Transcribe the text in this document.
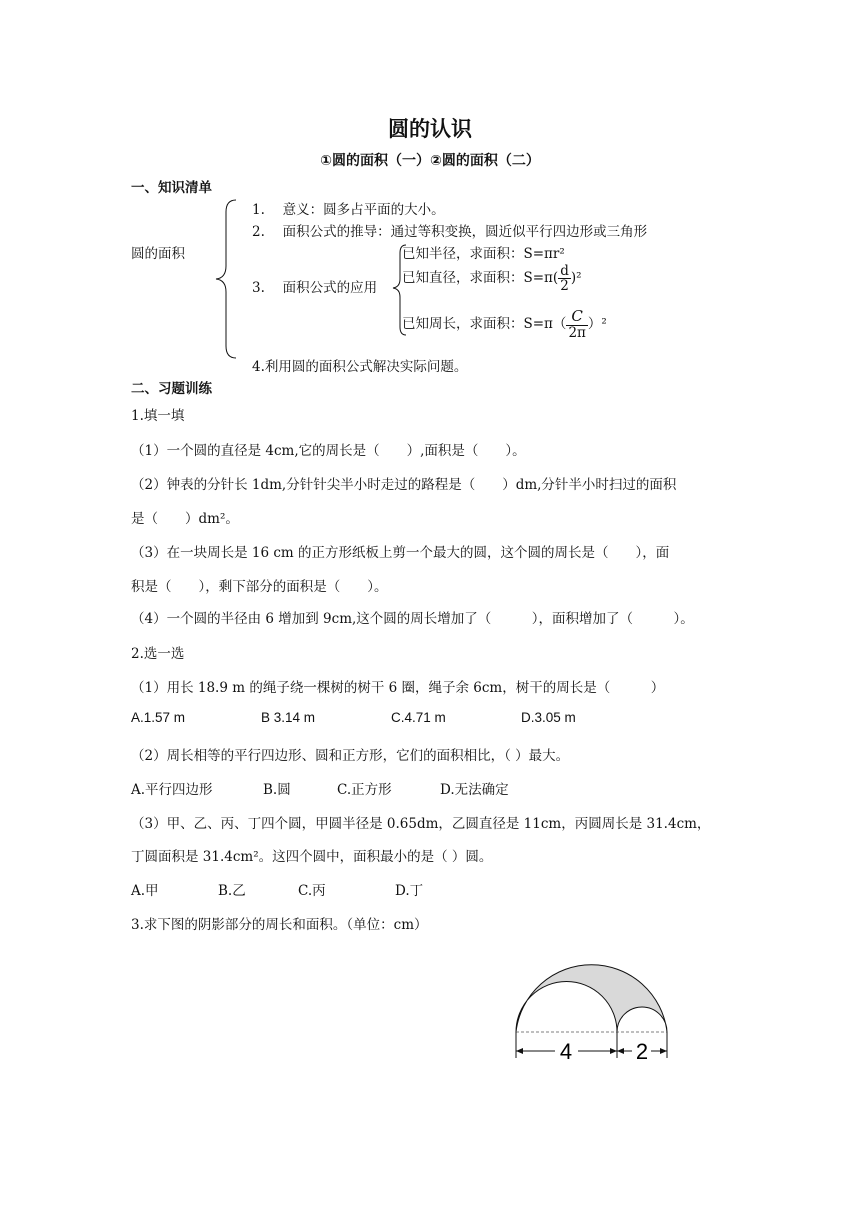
圆的认识
①圆的面积（一）②圆的面积（二）
一、知识清单
圆的面积
1.　 意义：圆多占平面的大小。
2.　 面积公式的推导：通过等积变换，圆近似平行四边形或三角形
3.　 面积公式的应用
已知半径，求面积：S=πr²
已知直径，求面积：$S=\pi( \frac{d}{2} )^2$
已知周长，求面积：$S=\pi( \frac{C}{2\pi} )^2$
4.利用圆的面积公式解决实际问题。
二、习题训练
1.填一填
（1）一个圆的直径是 4cm,它的周长是（　　）,面积是（　　）。
（2）钟表的分针长 1dm,分针针尖半小时走过的路程是（　　）dm,分针半小时扫过的面积
是（　　）dm²。
（3）在一块周长是 16 cm 的正方形纸板上剪一个最大的圆，这个圆的周长是（　　），面
积是（　　），剩下部分的面积是（　　）。
（4）一个圆的半径由 6 增加到 9cm,这个圆的周长增加了（　　　），面积增加了（　　　）。
2.选一选
（1）用长 18.9 m 的绳子绕一棵树的树干 6 圈，绳子余 6cm，树干的周长是（　　　）
A.1.57 m	B 3.14 m	C.4.71 m	D.3.05 m
（2）周长相等的平行四边形、圆和正方形，它们的面积相比，（ ）最大。
A.平行四边形	B.圆	C.正方形	D.无法确定
（3）甲、乙、丙、丁四个圆，甲圆半径是 0.65dm，乙圆直径是 11cm，丙圆周长是 31.4cm，
丁圆面积是 31.4cm²。这四个圆中，面积最小的是（ ）圆。
A.甲	B.乙	C.丙	D.丁
3.求下图的阴影部分的周长和面积。（单位：cm）
4	2
